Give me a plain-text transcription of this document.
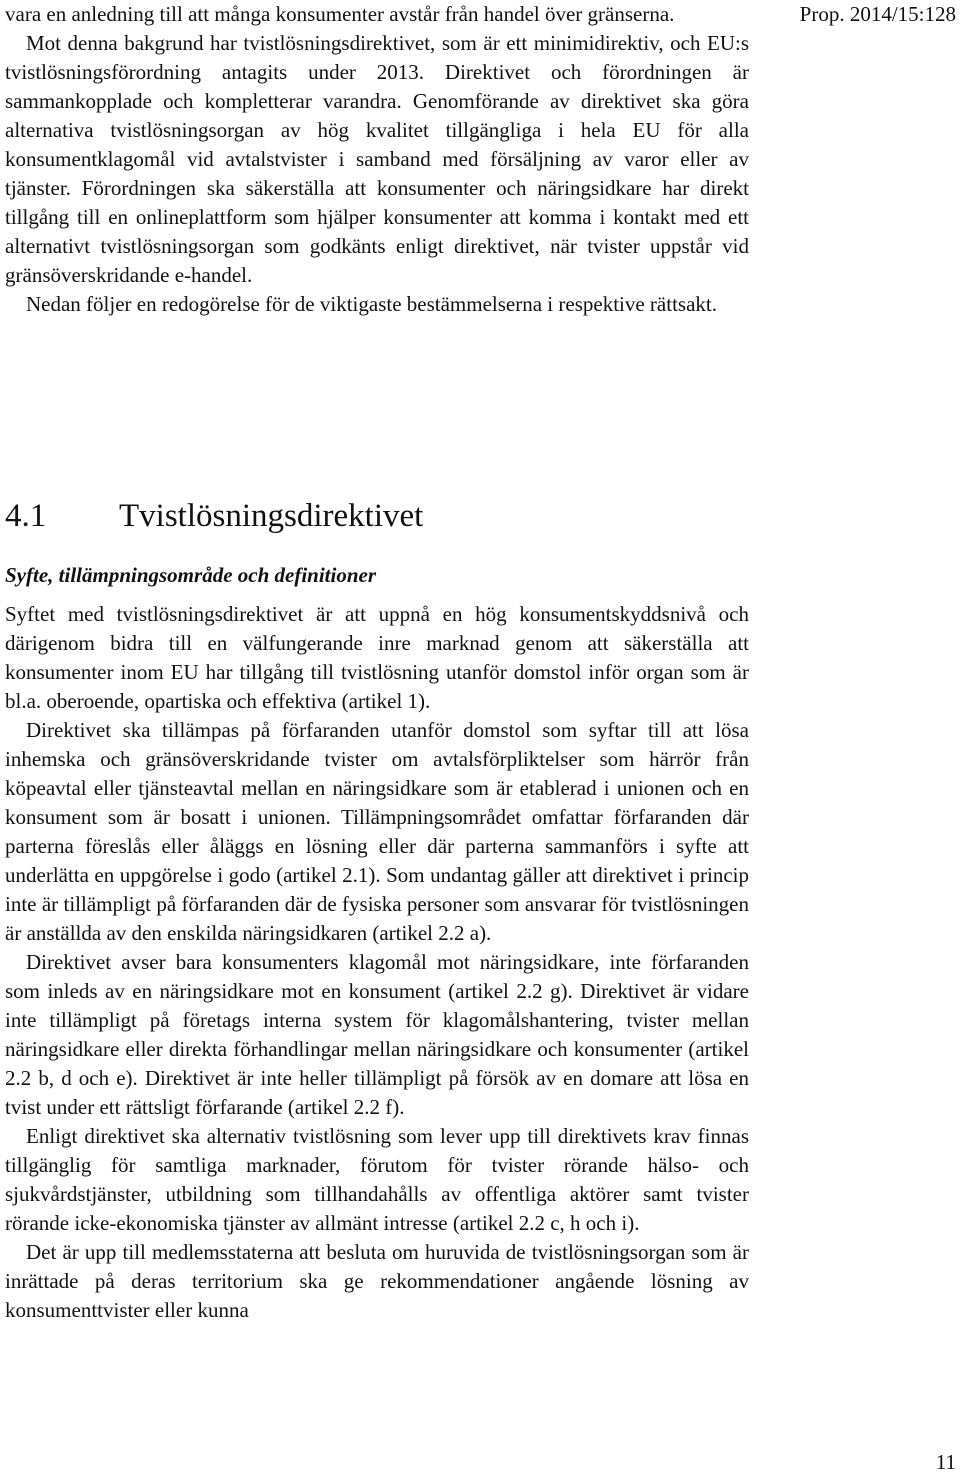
Prop. 2014/15:128

vara en anledning till att många konsumenter avstår från handel över gränserna.

Mot denna bakgrund har tvistlösningsdirektivet, som är ett minimidirektiv, och EU:s tvistlösningsförordning antagits under 2013. Direktivet och förordningen är sammankopplade och kompletterar varandra. Genomförande av direktivet ska göra alternativa tvistlösningsorgan av hög kvalitet tillgängliga i hela EU för alla konsumentklagomål vid avtalstvister i samband med försäljning av varor eller av tjänster. Förordningen ska säkerställa att konsumenter och näringsidkare har direkt tillgång till en onlineplattform som hjälper konsumenter att komma i kontakt med ett alternativt tvistlösningsorgan som godkänts enligt direktivet, när tvister uppstår vid gränsöverskridande e-handel.

Nedan följer en redogörelse för de viktigaste bestämmelserna i respektive rättsakt.

4.1 Tvistlösningsdirektivet
Syfte, tillämpningsområde och definitioner

Syftet med tvistlösningsdirektivet är att uppnå en hög konsumentskyddsnivå och därigenom bidra till en välfungerande inre marknad genom att säkerställa att konsumenter inom EU har tillgång till tvistlösning utanför domstol inför organ som är bl.a. oberoende, opartiska och effektiva (artikel 1).

Direktivet ska tillämpas på förfaranden utanför domstol som syftar till att lösa inhemska och gränsöverskridande tvister om avtalsförpliktelser som härrör från köpeavtal eller tjänsteavtal mellan en näringsidkare som är etablerad i unionen och en konsument som är bosatt i unionen. Tillämpningsområdet omfattar förfaranden där parterna föreslås eller åläggs en lösning eller där parterna sammanförs i syfte att underlätta en uppgörelse i godo (artikel 2.1). Som undantag gäller att direktivet i princip inte är tillämpligt på förfaranden där de fysiska personer som ansvarar för tvistlösningen är anställda av den enskilda näringsidkaren (artikel 2.2 a).

Direktivet avser bara konsumenters klagomål mot näringsidkare, inte förfaranden som inleds av en näringsidkare mot en konsument (artikel 2.2 g). Direktivet är vidare inte tillämpligt på företags interna system för klagomålshantering, tvister mellan näringsidkare eller direkta förhandlingar mellan näringsidkare och konsumenter (artikel 2.2 b, d och e). Direktivet är inte heller tillämpligt på försök av en domare att lösa en tvist under ett rättsligt förfarande (artikel 2.2 f).

Enligt direktivet ska alternativ tvistlösning som lever upp till direktivets krav finnas tillgänglig för samtliga marknader, förutom för tvister rörande hälso- och sjukvårdstjänster, utbildning som tillhandahålls av offentliga aktörer samt tvister rörande icke-ekonomiska tjänster av allmänt intresse (artikel 2.2 c, h och i).

Det är upp till medlemsstaterna att besluta om huruvida de tvistlösningsorgan som är inrättade på deras territorium ska ge rekommendationer angående lösning av konsumenttvister eller kunna

11
